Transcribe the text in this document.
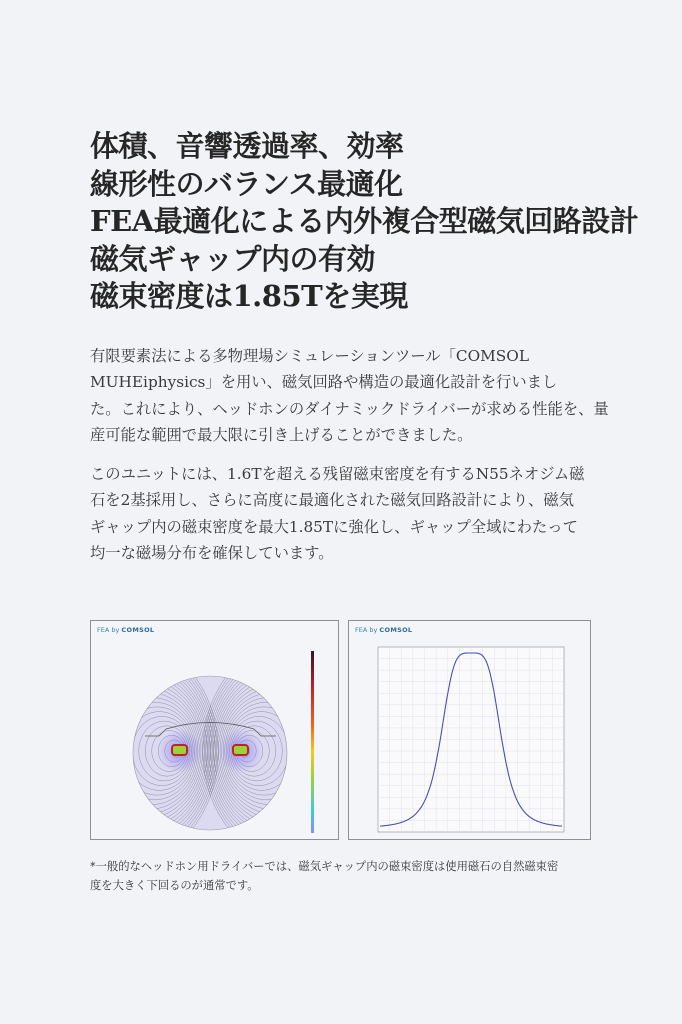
体積、音響透過率、効率
線形性のバランス最適化
FEA最適化による内外複合型磁気回路設計
磁気ギャップ内の有効
磁束密度は1.85Tを実現

有限要素法による多物理場シミュレーションツール「COMSOL
MUHEiphysics」を用い、磁気回路や構造の最適化設計を行いまし
た。これにより、ヘッドホンのダイナミックドライバーが求める性能を、量
産可能な範囲で最大限に引き上げることができました。

このユニットには、1.6Tを超える残留磁束密度を有するN55ネオジム磁
石を2基採用し、さらに高度に最適化された磁気回路設計により、磁気
ギャップ内の磁束密度を最大1.85Tに強化し、ギャップ全域にわたって
均一な磁場分布を確保しています。

FEA by COMSOL	FEA by COMSOL

*一般的なヘッドホン用ドライバーでは、磁気ギャップ内の磁束密度は使用磁石の自然磁束密
度を大きく下回るのが通常です。
